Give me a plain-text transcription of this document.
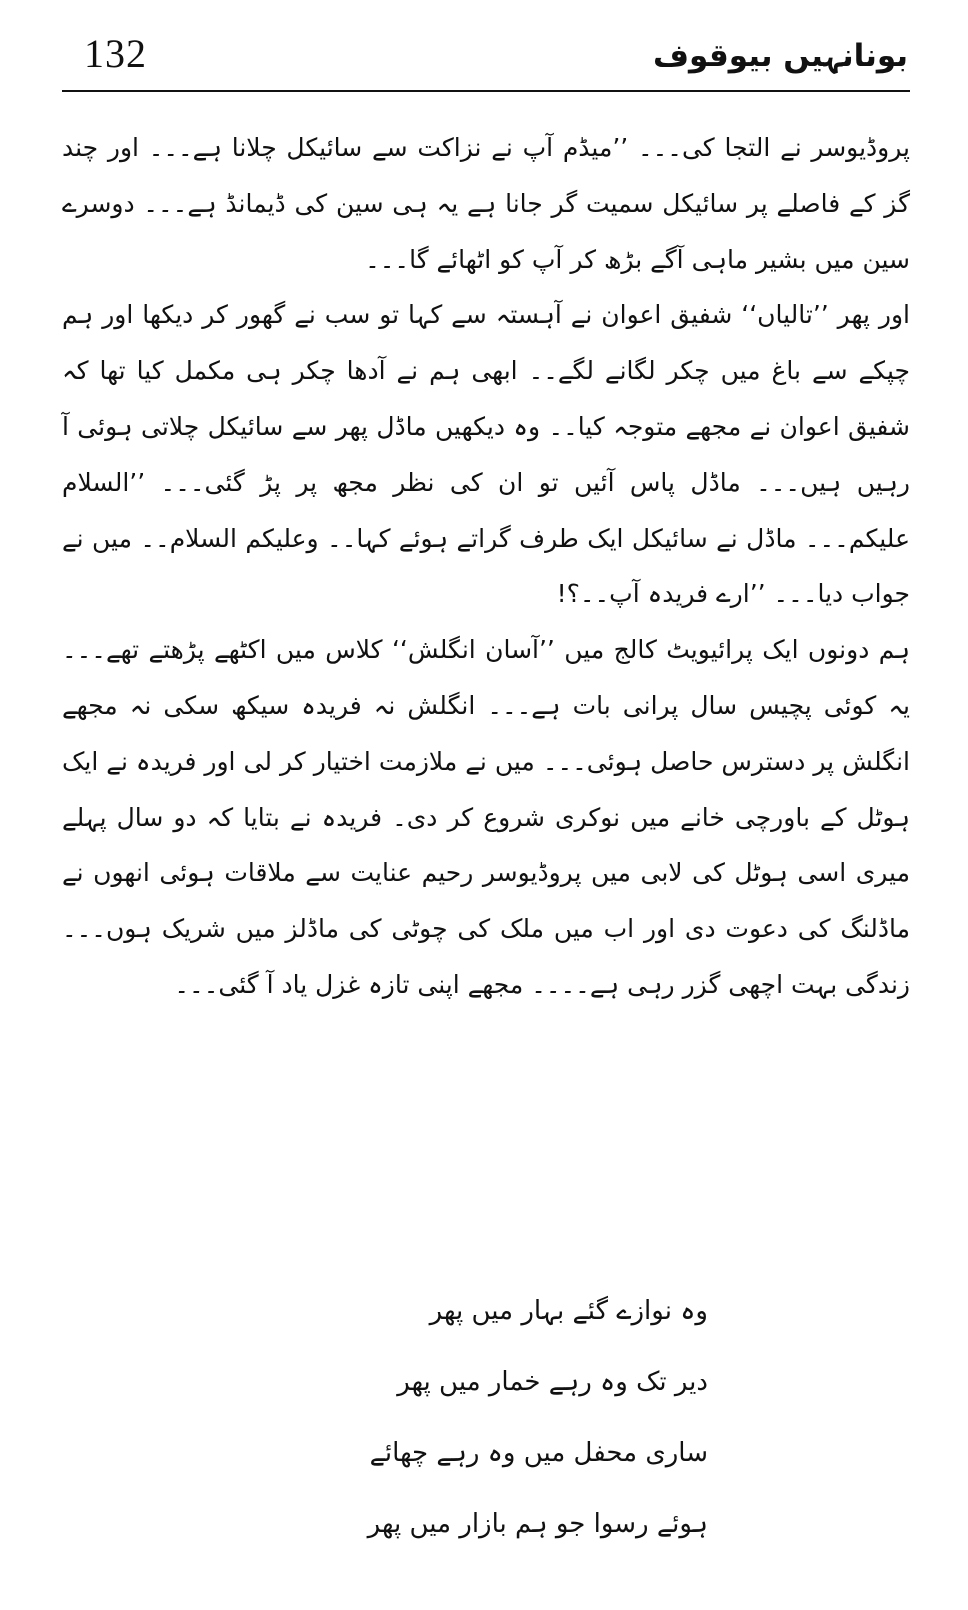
132	بونانہیں بیوقوف

پروڈیوسر نے التجا کی۔۔۔ ’’میڈم آپ نے نزاکت سے سائیکل چلانا ہے۔۔۔ اور چند گز کے فاصلے پر سائیکل سمیت گر جانا ہے یہ ہی سین کی ڈیمانڈ ہے۔۔۔ دوسرے سین میں بشیر ماہی آگے بڑھ کر آپ کو اٹھائے گا۔۔۔

اور پھر ’’تالیاں‘‘ شفیق اعوان نے آہستہ سے کہا تو سب نے گھور کر دیکھا اور ہم چپکے سے باغ میں چکر لگانے لگے۔۔ ابھی ہم نے آدھا چکر ہی مکمل کیا تھا کہ شفیق اعوان نے مجھے متوجہ کیا۔۔ وہ دیکھیں ماڈل پھر سے سائیکل چلاتی ہوئی آ رہیں ہیں۔۔۔ ماڈل پاس آئیں تو ان کی نظر مجھ پر پڑ گئی۔۔۔ ’’السلام علیکم۔۔۔ ماڈل نے سائیکل ایک طرف گراتے ہوئے کہا۔۔ وعلیکم السلام۔۔ میں نے جواب دیا۔۔۔ ’’ارے فریدہ آپ۔۔؟!

ہم دونوں ایک پرائیویٹ کالج میں ’’آسان انگلش‘‘ کلاس میں اکٹھے پڑھتے تھے۔۔۔ یہ کوئی پچیس سال پرانی بات ہے۔۔۔ انگلش نہ فریدہ سیکھ سکی نہ مجھے انگلش پر دسترس حاصل ہوئی۔۔۔ میں نے ملازمت اختیار کر لی اور فریدہ نے ایک ہوٹل کے باورچی خانے میں نوکری شروع کر دی۔ فریدہ نے بتایا کہ دو سال پہلے میری اسی ہوٹل کی لابی میں پروڈیوسر رحیم عنایت سے ملاقات ہوئی انھوں نے ماڈلنگ کی دعوت دی اور اب میں ملک کی چوٹی کی ماڈلز میں شریک ہوں۔۔۔ زندگی بہت اچھی گزر رہی ہے۔۔۔۔ مجھے اپنی تازہ غزل یاد آ گئی۔۔۔

وہ نوازے گئے بہار میں پھر
دیر تک وہ رہے خمار میں پھر
ساری محفل میں وہ رہے چھائے
ہوئے رسوا جو ہم بازار میں پھر
